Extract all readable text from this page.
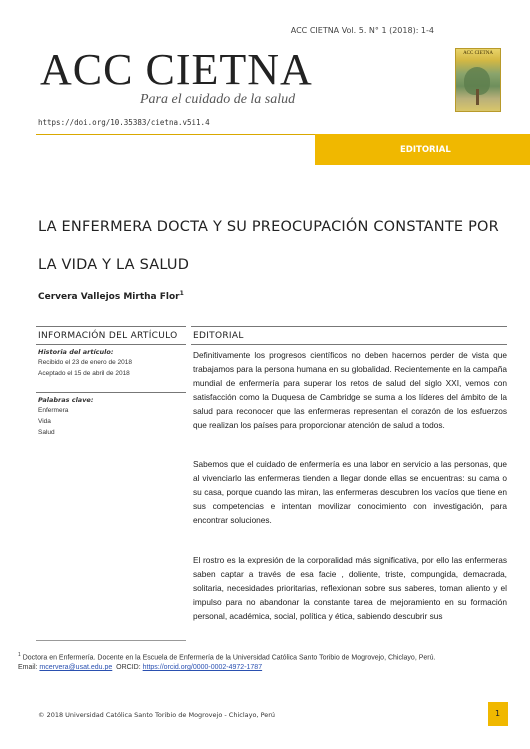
ACC CIETNA Vol. 5. N° 1 (2018): 1-4
ACC CIETNA
Para el cuidado de la salud
ACC CIETNA
https://doi.org/10.35383/cietna.v5i1.4
EDITORIAL
LA ENFERMERA DOCTA Y SU PREOCUPACIÓN CONSTANTE POR LA VIDA Y LA SALUD
Cervera Vallejos Mirtha Flor$^1$
INFORMACIÓN DEL ARTÍCULO EDITORIAL
Historia del artículo:
Recibido el 23 de enero de 2018
Aceptado el 15 de abril de 2018
Palabras clave:
Enfermera
Vida
Salud
Definitivamente los progresos científicos no deben hacernos perder de vista que trabajamos para la persona humana en su globalidad. Recientemente en la campaña mundial de enfermería para superar los retos de salud del siglo XXI, vemos con satisfacción como la Duquesa de Cambridge se suma a los líderes del ámbito de la salud para reconocer que las enfermeras representan el corazón de los esfuerzos que realizan los países para proporcionar atención de salud a todos.
Sabemos que el cuidado de enfermería es una labor en servicio a las personas, que al vivenciarlo las enfermeras tienden a llegar donde ellas se encuentras: su cama o su casa, porque cuando las miran, las enfermeras descubren los vacíos que tiene en sus competencias e intentan movilizar conocimiento con investigación, para encontrar soluciones.
El rostro es la expresión de la corporalidad más significativa, por ello las enfermeras saben captar a través de esa facie , doliente, triste, compungida, demacrada, solitaria, necesidades prioritarias, reflexionan sobre sus saberes, toman aliento y el impulso para no abandonar la constante tarea de mejoramiento en su formación personal, académica, social, política y ética, sabiendo descubrir sus
$^1$ Doctora en Enfermería. Docente en la Escuela de Enfermería de la Universidad Católica Santo Toribio de Mogrovejo, Chiclayo, Perú.
Email: mcervera@usat.edu.pe ORCID: https://orcid.org/0000-0002-4972-1787
© 2018 Universidad Católica Santo Toribio de Mogrovejo - Chiclayo, Perú	1
